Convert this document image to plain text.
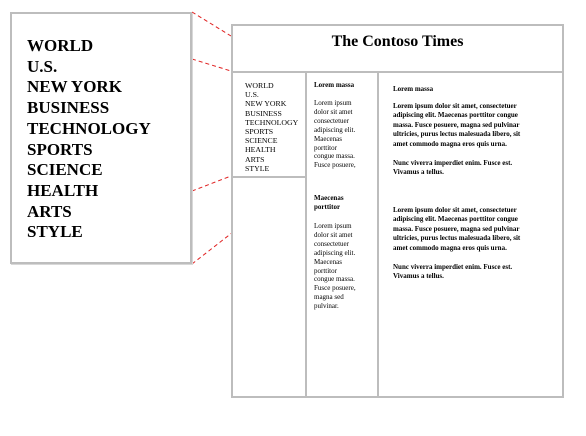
WORLD
U.S.
NEW YORK
BUSINESS
TECHNOLOGY
SPORTS
SCIENCE
HEALTH
ARTS
STYLE
The Contoso Times
WORLD
U.S.
NEW YORK
BUSINESS
TECHNOLOGY
SPORTS
SCIENCE
HEALTH
ARTS
STYLE
Lorem massa
Lorem ipsum
dolor sit amet
consectetuer
adipiscing elit.
Maecenas
porttitor
congue massa.
Fusce posuere,
Maecenas
porttitor
Lorem ipsum
dolor sit amet
consectetuer
adipiscing elit.
Maecenas
porttitor
congue massa.
Fusce posuere,
magna sed
pulvinar.
Lorem massa
Lorem ipsum dolor sit amet, consectetuer
adipiscing elit. Maecenas porttitor congue
massa. Fusce posuere, magna sed pulvinar
ultricies, purus lectus malesuada libero, sit
amet commodo magna eros quis urna.
Nunc viverra imperdiet enim. Fusce est.
Vivamus a tellus.
Lorem ipsum dolor sit amet, consectetuer
adipiscing elit. Maecenas porttitor congue
massa. Fusce posuere, magna sed pulvinar
ultricies, purus lectus malesuada libero, sit
amet commodo magna eros quis urna.
Nunc viverra imperdiet enim. Fusce est.
Vivamus a tellus.
